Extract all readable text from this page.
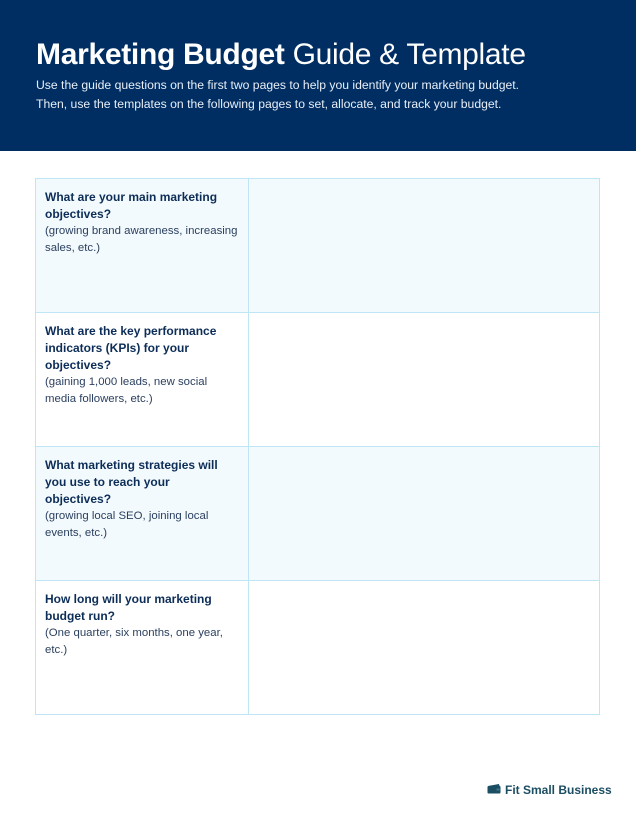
Marketing Budget Guide & Template
Use the guide questions on the first two pages to help you identify your marketing budget.
Then, use the templates on the following pages to set, allocate, and track your budget.
What are your main marketing objectives?
(growing brand awareness, increasing sales, etc.)
What are the key performance indicators (KPIs) for your objectives?
(gaining 1,000 leads, new social media followers, etc.)
What marketing strategies will you use to reach your objectives?
(growing local SEO, joining local events, etc.)
How long will your marketing budget run?
(One quarter, six months, one year, etc.)
Fit Small Business
